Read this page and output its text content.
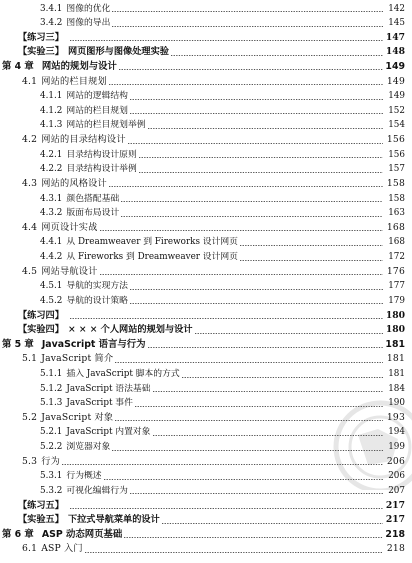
3.4.1 图像的优化	142
3.4.2 图像的导出	145
【练习三】	147
【实验三】 网页图形与图像处理实验	148
第 4 章 网站的规划与设计	149
4.1 网站的栏目规划	149
4.1.1 网站的逻辑结构	149
4.1.2 网站的栏目规划	152
4.1.3 网站的栏目规划举例	154
4.2 网站的目录结构设计	156
4.2.1 目录结构设计原则	156
4.2.2 目录结构设计举例	157
4.3 网站的风格设计	158
4.3.1 颜色搭配基础	158
4.3.2 版面布局设计	163
4.4 网页设计实战	168
4.4.1 从 Dreamweaver 到 Fireworks 设计网页	168
4.4.2 从 Fireworks 到 Dreamweaver 设计网页	172
4.5 网站导航设计	176
4.5.1 导航的实现方法	177
4.5.2 导航的设计策略	179
【练习四】	180
【实验四】 × × × 个人网站的规划与设计	180
第 5 章 JavaScript 语言与行为	181
5.1 JavaScript 简介	181
5.1.1 插入 JavaScript 脚本的方式	181
5.1.2 JavaScript 语法基础	184
5.1.3 JavaScript 事件	190
5.2 JavaScript 对象	193
5.2.1 JavaScript 内置对象	194
5.2.2 浏览器对象	199
5.3 行为	206
5.3.1 行为概述	206
5.3.2 可视化编辑行为	207
【练习五】	217
【实验五】 下拉式导航菜单的设计	217
第 6 章 ASP 动态网页基础	218
6.1 ASP 入门	218
